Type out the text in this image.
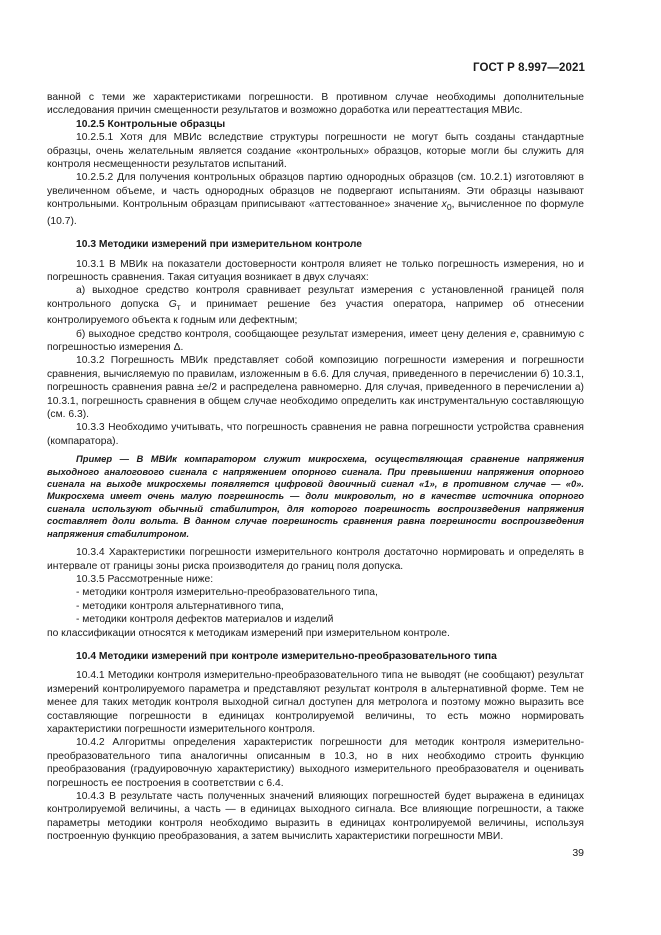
ГОСТ Р 8.997—2021

ванной с теми же характеристиками погрешности. В противном случае необходимы дополнительные исследования причин смещенности результатов и возможно доработка или переаттестация МВИс.

10.2.5 Контрольные образцы

10.2.5.1 Хотя для МВИс вследствие структуры погрешности не могут быть созданы стандартные образцы, очень желательным является создание «контрольных» образцов, которые могли бы служить для контроля несмещенности результатов испытаний.

10.2.5.2 Для получения контрольных образцов партию однородных образцов (см. 10.2.1) изготовляют в увеличенном объеме, и часть однородных образцов не подвергают испытаниям. Эти образцы называют контрольными. Контрольным образцам приписывают «аттестованное» значение $x_0$, вычисленное по формуле (10.7).

10.3 Методики измерений при измерительном контроле

10.3.1 В МВИк на показатели достоверности контроля влияет не только погрешность измерения, но и погрешность сравнения. Такая ситуация возникает в двух случаях:

а) выходное средство контроля сравнивает результат измерения с установленной границей поля контрольного допуска $G_т$ и принимает решение без участия оператора, например об отнесении контролируемого объекта к годным или дефектным;

б) выходное средство контроля, сообщающее результат измерения, имеет цену деления е, сравнимую с погрешностью измерения Δ.

10.3.2 Погрешность МВИк представляет собой композицию погрешности измерения и погрешности сравнения, вычисляемую по правилам, изложенным в 6.6. Для случая, приведенного в перечислении б) 10.3.1, погрешность сравнения равна ±е/2 и распределена равномерно. Для случая, приведенного в перечислении а) 10.3.1, погрешность сравнения в общем случае необходимо определить как инструментальную составляющую (см. 6.3).

10.3.3 Необходимо учитывать, что погрешность сравнения не равна погрешности устройства сравнения (компаратора).

Пример — В МВИк компаратором служит микросхема, осуществляющая сравнение напряжения выходного аналогового сигнала с напряжением опорного сигнала. При превышении напряжения опорного сигнала на выходе микросхемы появляется цифровой двоичный сигнал «1», в противном случае — «0». Микросхема имеет очень малую погрешность — доли микровольт, но в качестве источника опорного сигнала используют обычный стабилитрон, для которого погрешность воспроизведения напряжения составляет доли вольта. В данном случае погрешность сравнения равна погрешности воспроизведения напряжения стабилитроном.

10.3.4 Характеристики погрешности измерительного контроля достаточно нормировать и определять в интервале от границы зоны риска производителя до границ поля допуска.

10.3.5 Рассмотренные ниже:

- методики контроля измерительно-преобразовательного типа,

- методики контроля альтернативного типа,

- методики контроля дефектов материалов и изделий

по классификации относятся к методикам измерений при измерительном контроле.

10.4 Методики измерений при контроле измерительно-преобразовательного типа

10.4.1 Методики контроля измерительно-преобразовательного типа не выводят (не сообщают) результат измерений контролируемого параметра и представляют результат контроля в альтернативной форме. Тем не менее для таких методик контроля выходной сигнал доступен для метролога и поэтому можно выразить все составляющие погрешности в единицах контролируемой величины, то есть можно нормировать характеристики погрешности измерительного контроля.

10.4.2 Алгоритмы определения характеристик погрешности для методик контроля измерительно-преобразовательного типа аналогичны описанным в 10.3, но в них необходимо строить функцию преобразования (градуировочную характеристику) выходного измерительного преобразователя и оценивать погрешность ее построения в соответствии с 6.4.

10.4.3 В результате часть полученных значений влияющих погрешностей будет выражена в единицах контролируемой величины, а часть — в единицах выходного сигнала. Все влияющие погрешности, а также параметры методики контроля необходимо выразить в единицах контролируемой величины, используя построенную функцию преобразования, а затем вычислить характеристики погрешности МВИ.

39
